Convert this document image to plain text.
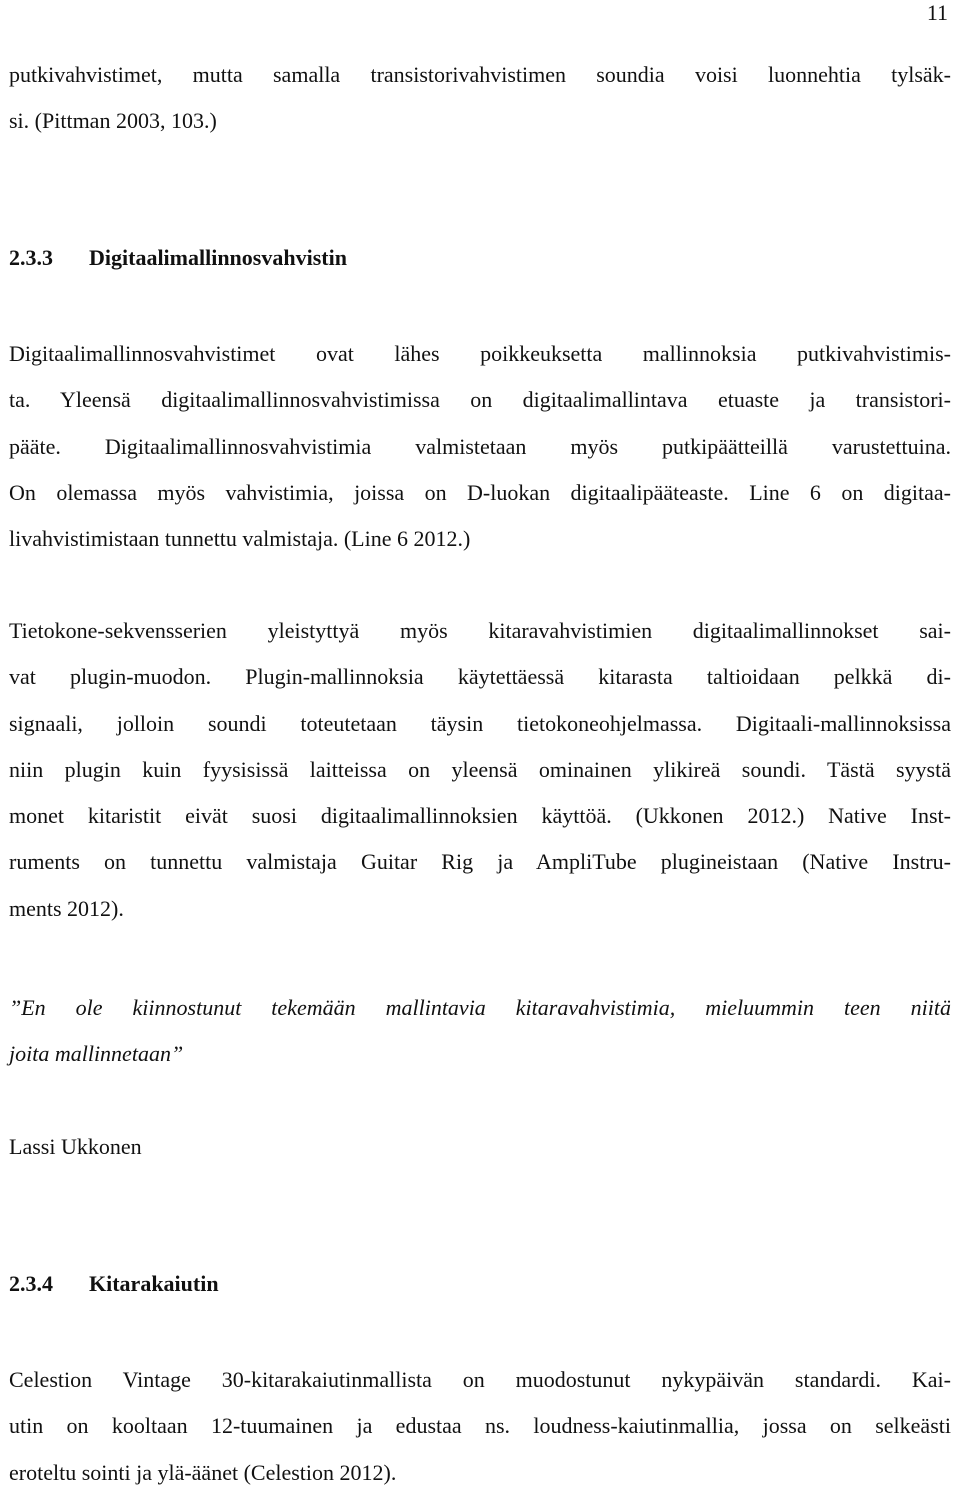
11
putkivahvistimet, mutta samalla transistorivahvistimen soundia voisi luonnehtia tylsäk-
si. (Pittman 2003, 103.)
2.3.3 Digitaalimallinnosvahvistin
Digitaalimallinnosvahvistimet ovat lähes poikkeuksetta mallinnoksia putkivahvistimis-
ta. Yleensä digitaalimallinnosvahvistimissa on digitaalimallintava etuaste ja transistori-
pääte. Digitaalimallinnosvahvistimia valmistetaan myös putkipäätteillä varustettuina.
On olemassa myös vahvistimia, joissa on D-luokan digitaalipääteaste. Line 6 on digitaa-
livahvistimistaan tunnettu valmistaja. (Line 6 2012.)
Tietokone-sekvensserien yleistyttyä myös kitaravahvistimien digitaalimallinnokset sai-
vat plugin-muodon. Plugin-mallinnoksia käytettäessä kitarasta taltioidaan pelkkä di-
signaali, jolloin soundi toteutetaan täysin tietokoneohjelmassa. Digitaali-mallinnoksissa
niin plugin kuin fyysisissä laitteissa on yleensä ominainen ylikireä soundi. Tästä syystä
monet kitaristit eivät suosi digitaalimallinnoksien käyttöä. (Ukkonen 2012.) Native Inst-
ruments on tunnettu valmistaja Guitar Rig ja AmpliTube plugineistaan (Native Instru-
ments 2012).
”En ole kiinnostunut tekemään mallintavia kitaravahvistimia, mieluummin teen niitä
joita mallinnetaan”
Lassi Ukkonen
2.3.4 Kitarakaiutin
Celestion Vintage 30-kitarakaiutinmallista on muodostunut nykypäivän standardi. Kai-
utin on kooltaan 12-tuumainen ja edustaa ns. loudness-kaiutinmallia, jossa on selkeästi
eroteltu sointi ja ylä-äänet (Celestion 2012).
